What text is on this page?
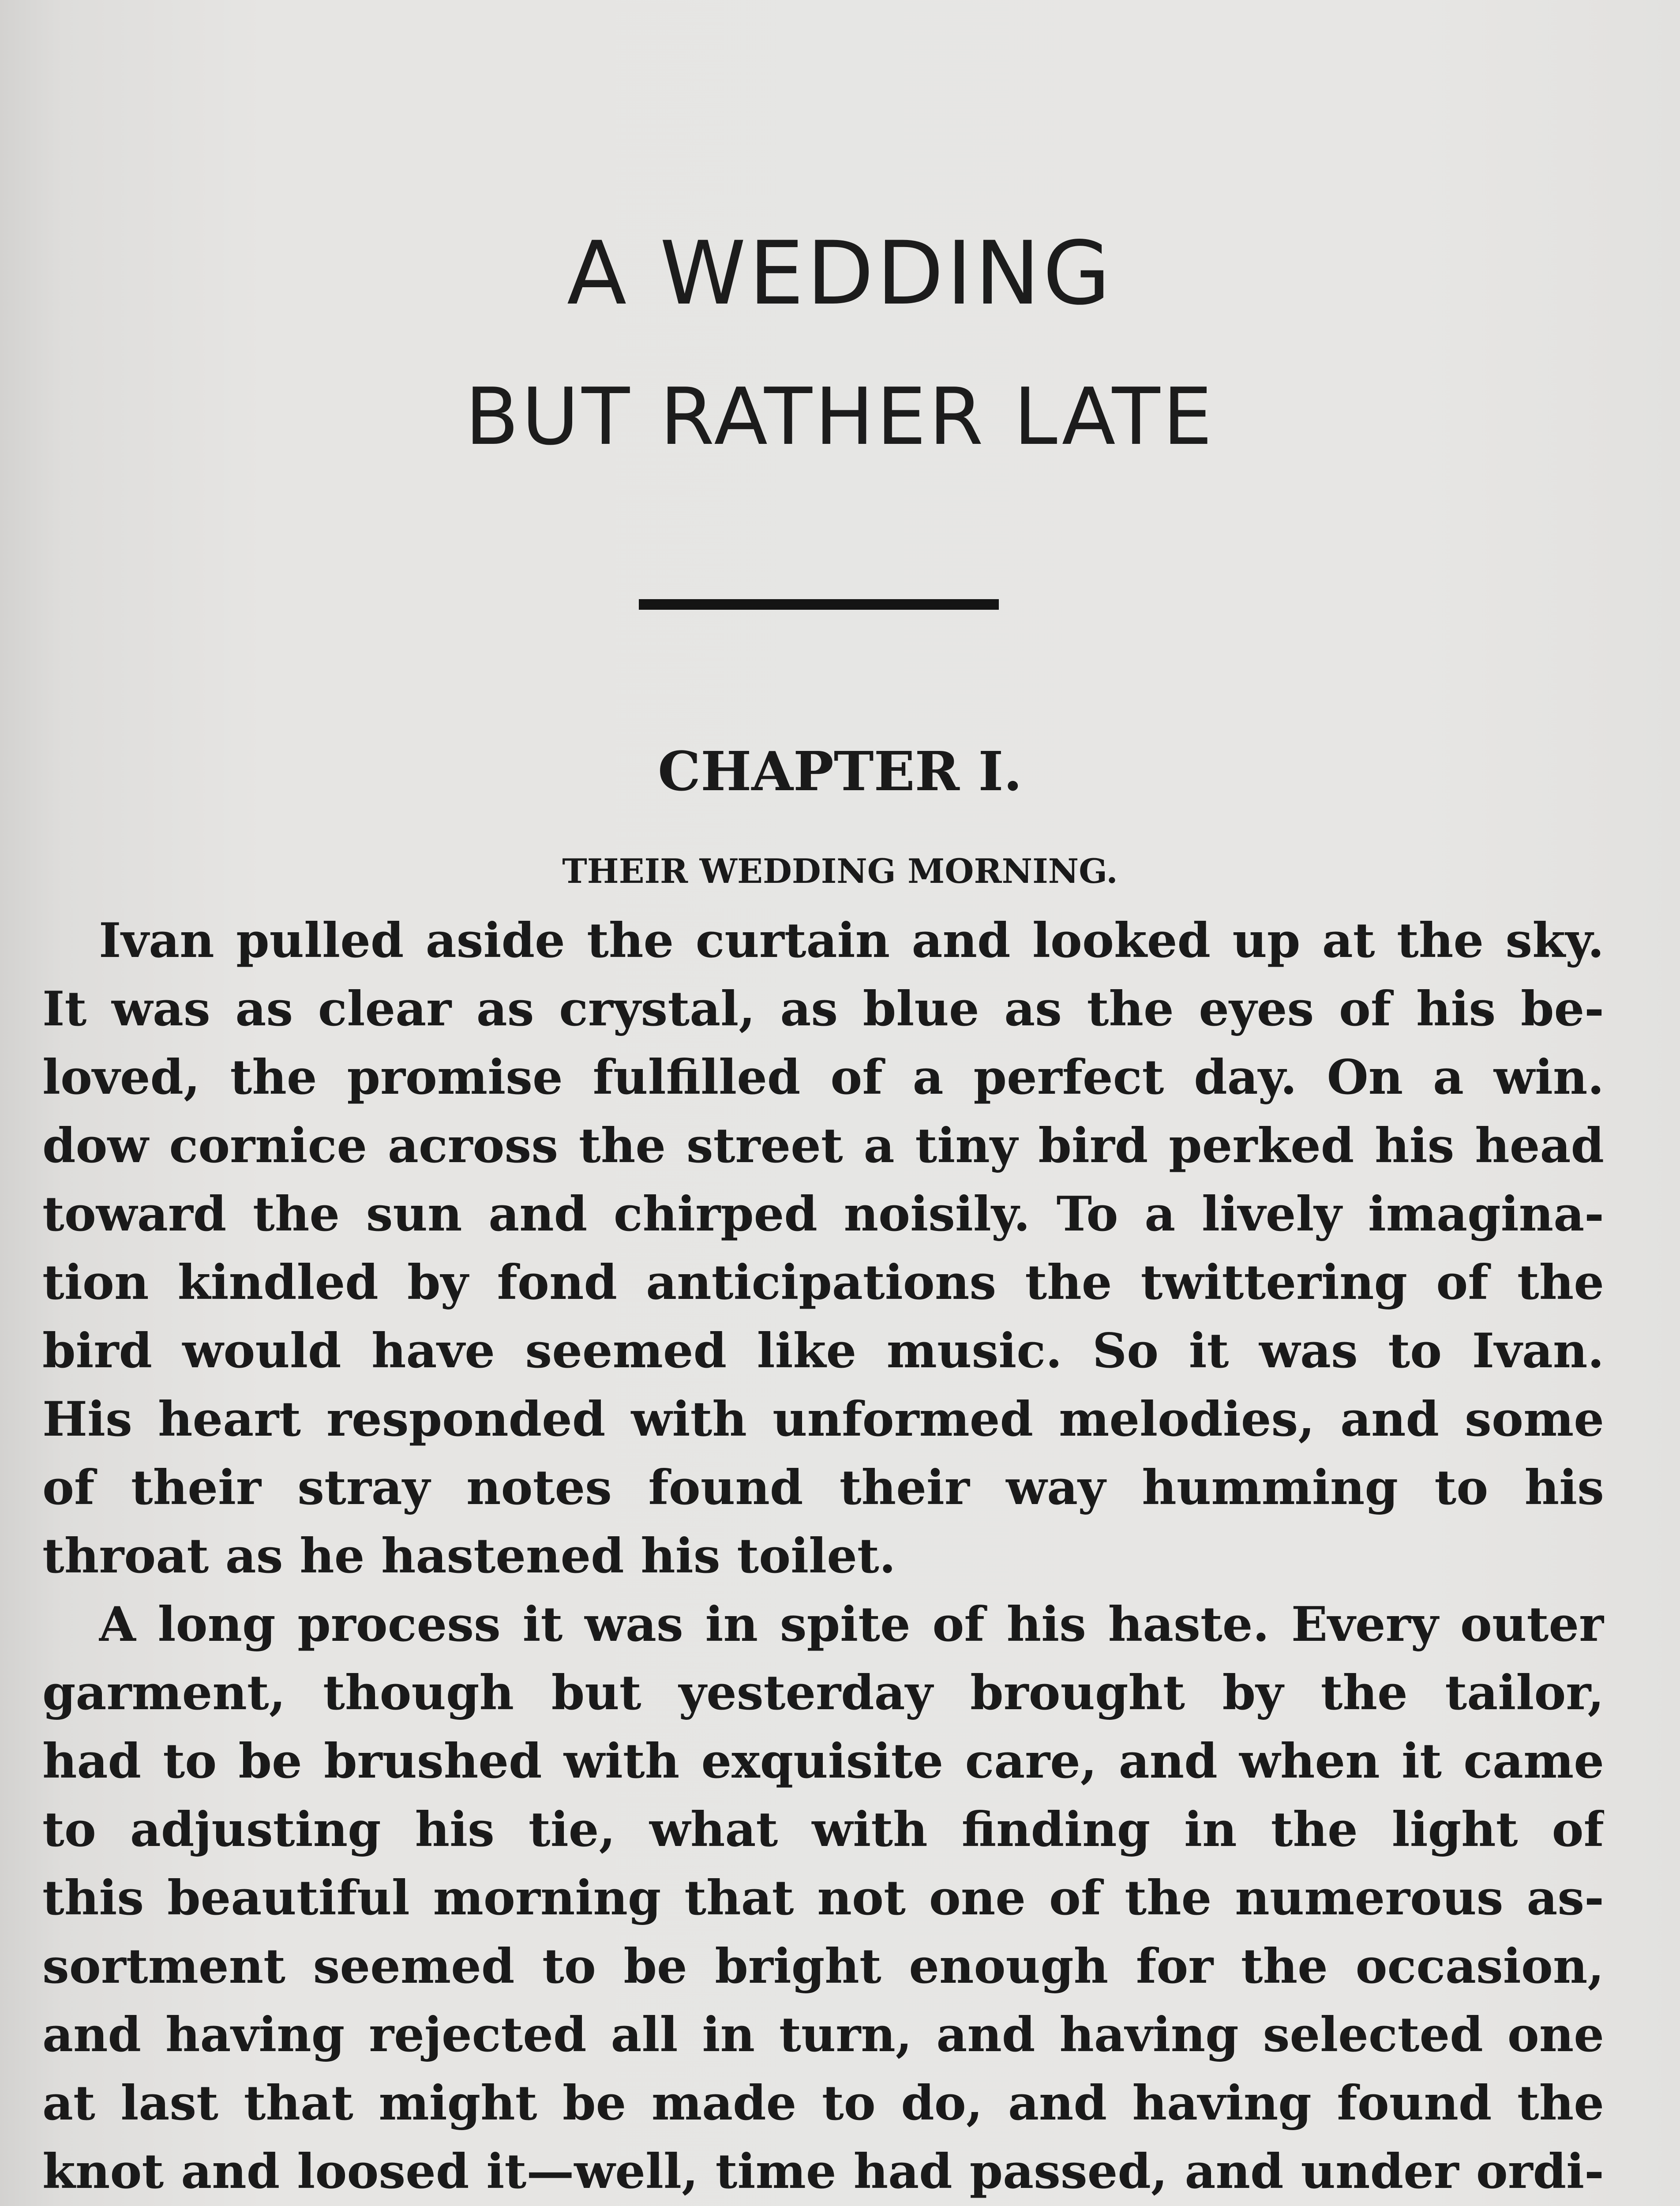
A WEDDING
BUT RATHER LATE
CHAPTER I.
THEIR WEDDING MORNING.
Ivan pulled aside the curtain and looked up at the sky.
It was as clear as crystal, as blue as the eyes of his be-
loved, the promise fulfilled of a perfect day. On a win.
dow cornice across the street a tiny bird perked his head
toward the sun and chirped noisily. To a lively imagina-
tion kindled by fond anticipations the twittering of the
bird would have seemed like music. So it was to Ivan.
His heart responded with unformed melodies, and some
of their stray notes found their way humming to his
throat as he hastened his toilet.
A long process it was in spite of his haste. Every outer
garment, though but yesterday brought by the tailor,
had to be brushed with exquisite care, and when it came
to adjusting his tie, what with finding in the light of
this beautiful morning that not one of the numerous as-
sortment seemed to be bright enough for the occasion,
and having rejected all in turn, and having selected one
at last that might be made to do, and having found the
knot and loosed it—well, time had passed, and under ordi-
